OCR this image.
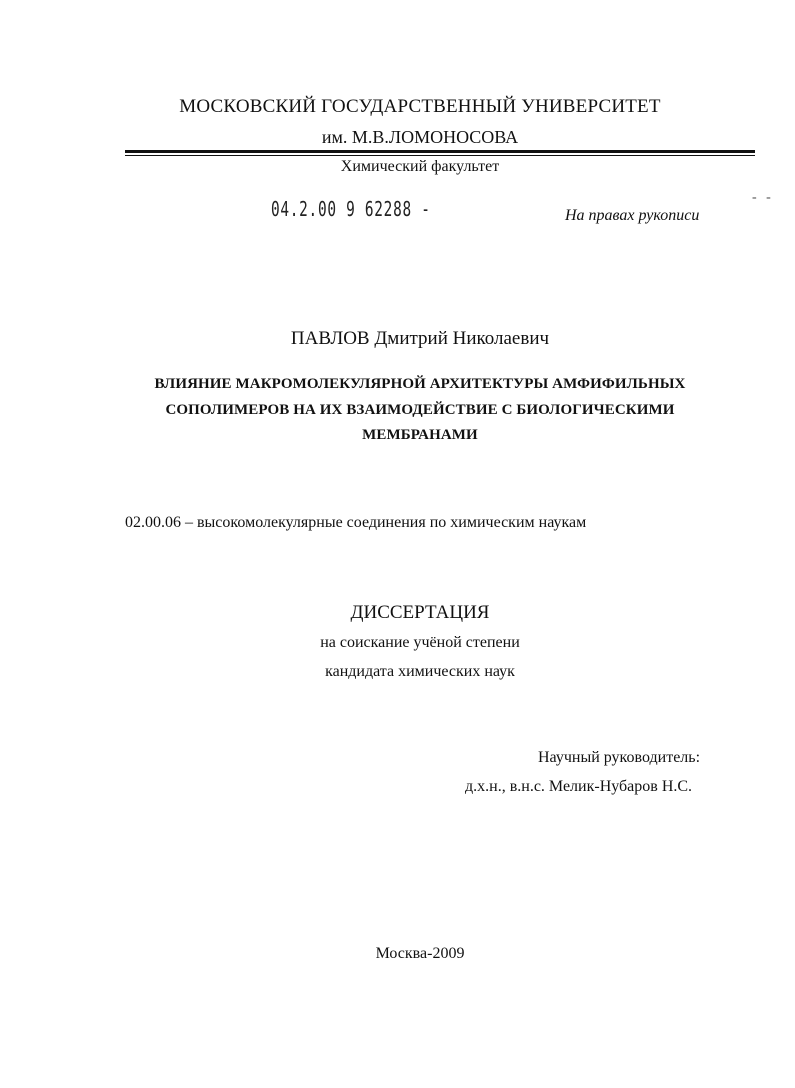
МОСКОВСКИЙ ГОСУДАРСТВЕННЫЙ УНИВЕРСИТЕТ
им. М.В.ЛОМОНОСОВА
Химический факультет
04.2.00 9 62288 -	- -
На правах рукописи
ПАВЛОВ Дмитрий Николаевич
ВЛИЯНИЕ МАКРОМОЛЕКУЛЯРНОЙ АРХИТЕКТУРЫ АМФИФИЛЬНЫХ
СОПОЛИМЕРОВ НА ИХ ВЗАИМОДЕЙСТВИЕ С БИОЛОГИЧЕСКИМИ
МЕМБРАНАМИ
02.00.06 – высокомолекулярные соединения по химическим наукам
ДИССЕРТАЦИЯ
на соискание учёной степени
кандидата химических наук
Научный руководитель:
д.х.н., в.н.с. Мелик-Нубаров Н.С.
Москва-2009
